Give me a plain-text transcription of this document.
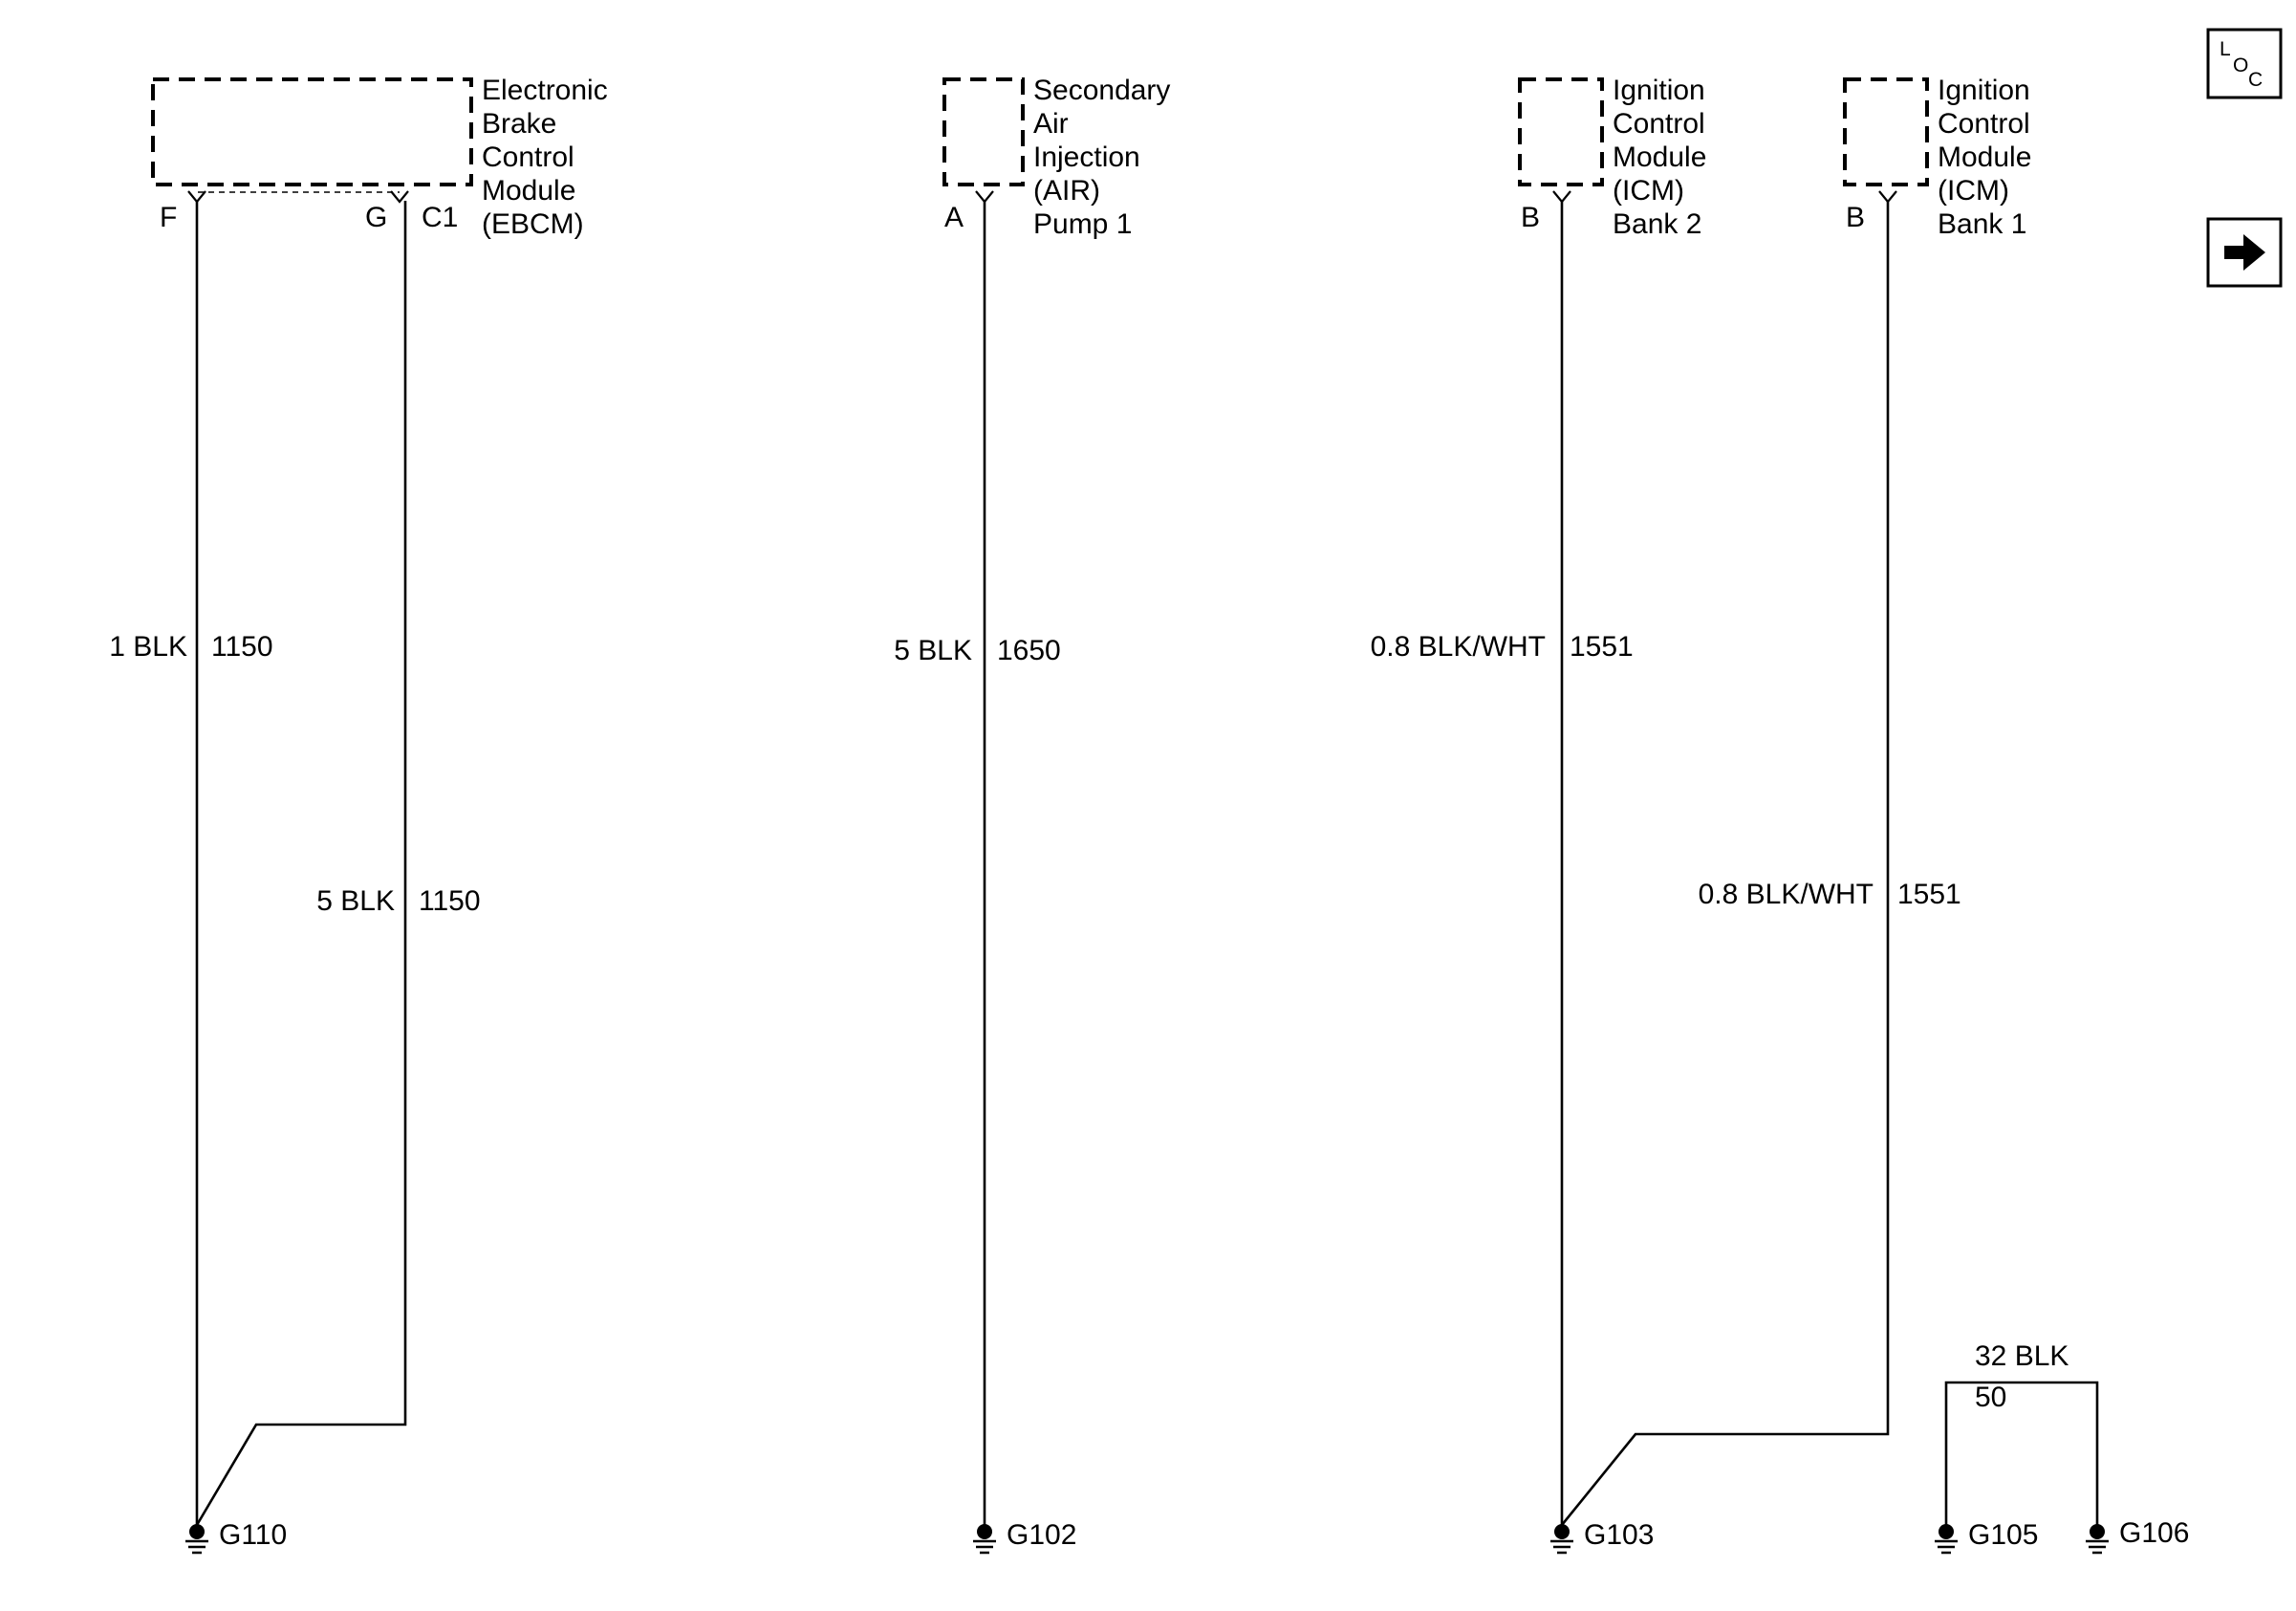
Electronic
Brake
Control
Module
(EBCM)
F	G C1
1 BLK 1150
5 BLK 1150
Secondary
Air
Injection
(AIR)
Pump 1
A
5 BLK 1650
Ignition
Control
Module
(ICM)
Bank 2
B
0.8 BLK/WHT 1551
Ignition
Control
Module
(ICM)
Bank 1
B
0.8 BLK/WHT 1551
32 BLK
50
G110	G102	G103	G105	G106
L
O
C
